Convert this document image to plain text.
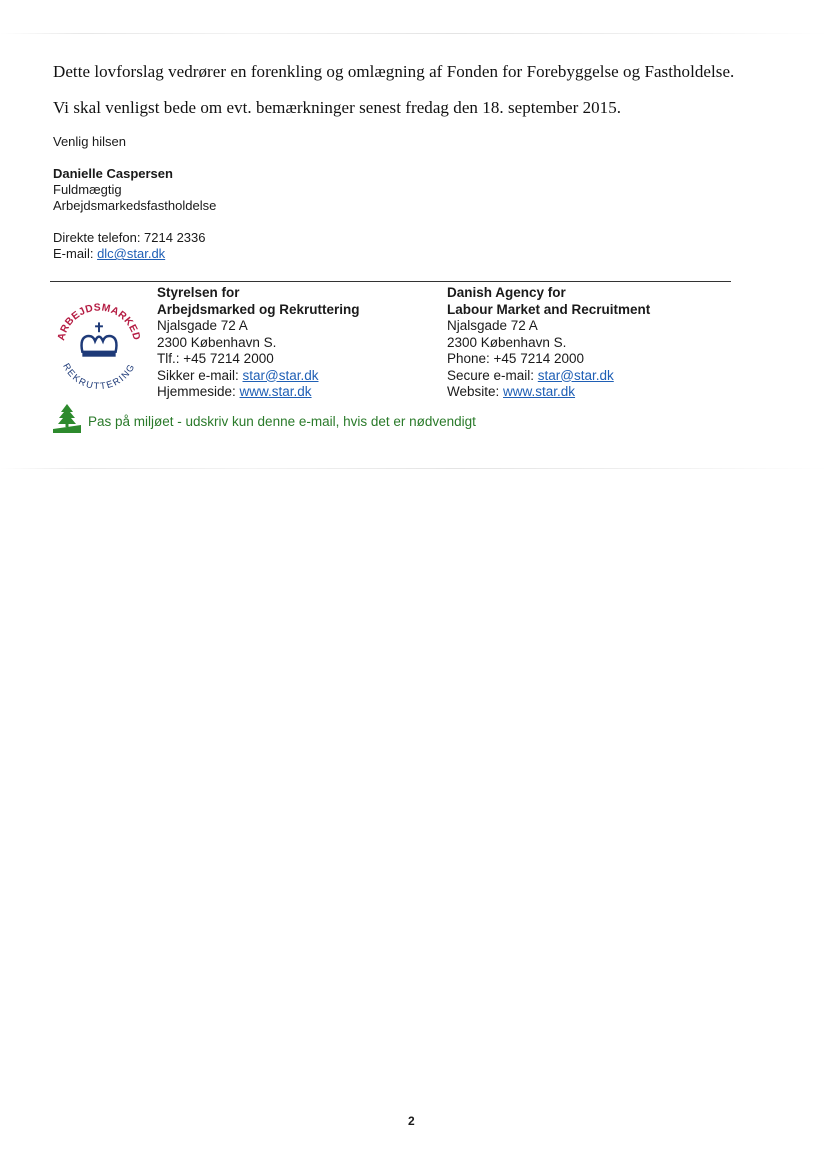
Dette lovforslag vedrører en forenkling og omlægning af Fonden for Forebyggelse og Fastholdelse.
Vi skal venligst bede om evt. bemærkninger senest fredag den 18. september 2015.
Venlig hilsen
Danielle Caspersen
Fuldmægtig
Arbejdsmarkedsfastholdelse
Direkte telefon: 7214 2336
E-mail: dlc@star.dk
ARBEJDSMARKED
REKRUTTERING
Styrelsen for
Arbejdsmarked og Rekruttering
Njalsgade 72 A
2300 København S.
Tlf.: +45 7214 2000
Sikker e-mail: star@star.dk
Hjemmeside: www.star.dk
Danish Agency for
Labour Market and Recruitment
Njalsgade 72 A
2300 København S.
Phone: +45 7214 2000
Secure e-mail: star@star.dk
Website: www.star.dk
Pas på miljøet - udskriv kun denne e-mail, hvis det er nødvendigt
2
